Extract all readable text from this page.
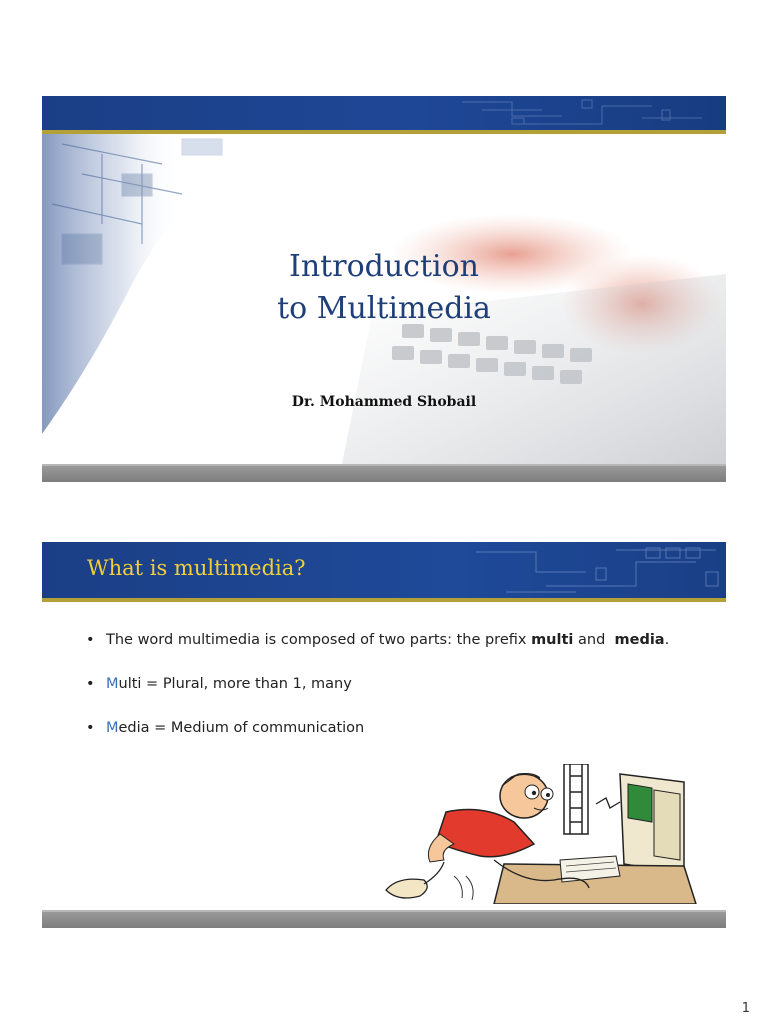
Introduction
to Multimedia
Dr. Mohammed Shobail
What is multimedia?
• The word multimedia is composed of two parts: the prefix multi and  media.
• Multi = Plural, more than 1, many
• Media = Medium of communication
1
